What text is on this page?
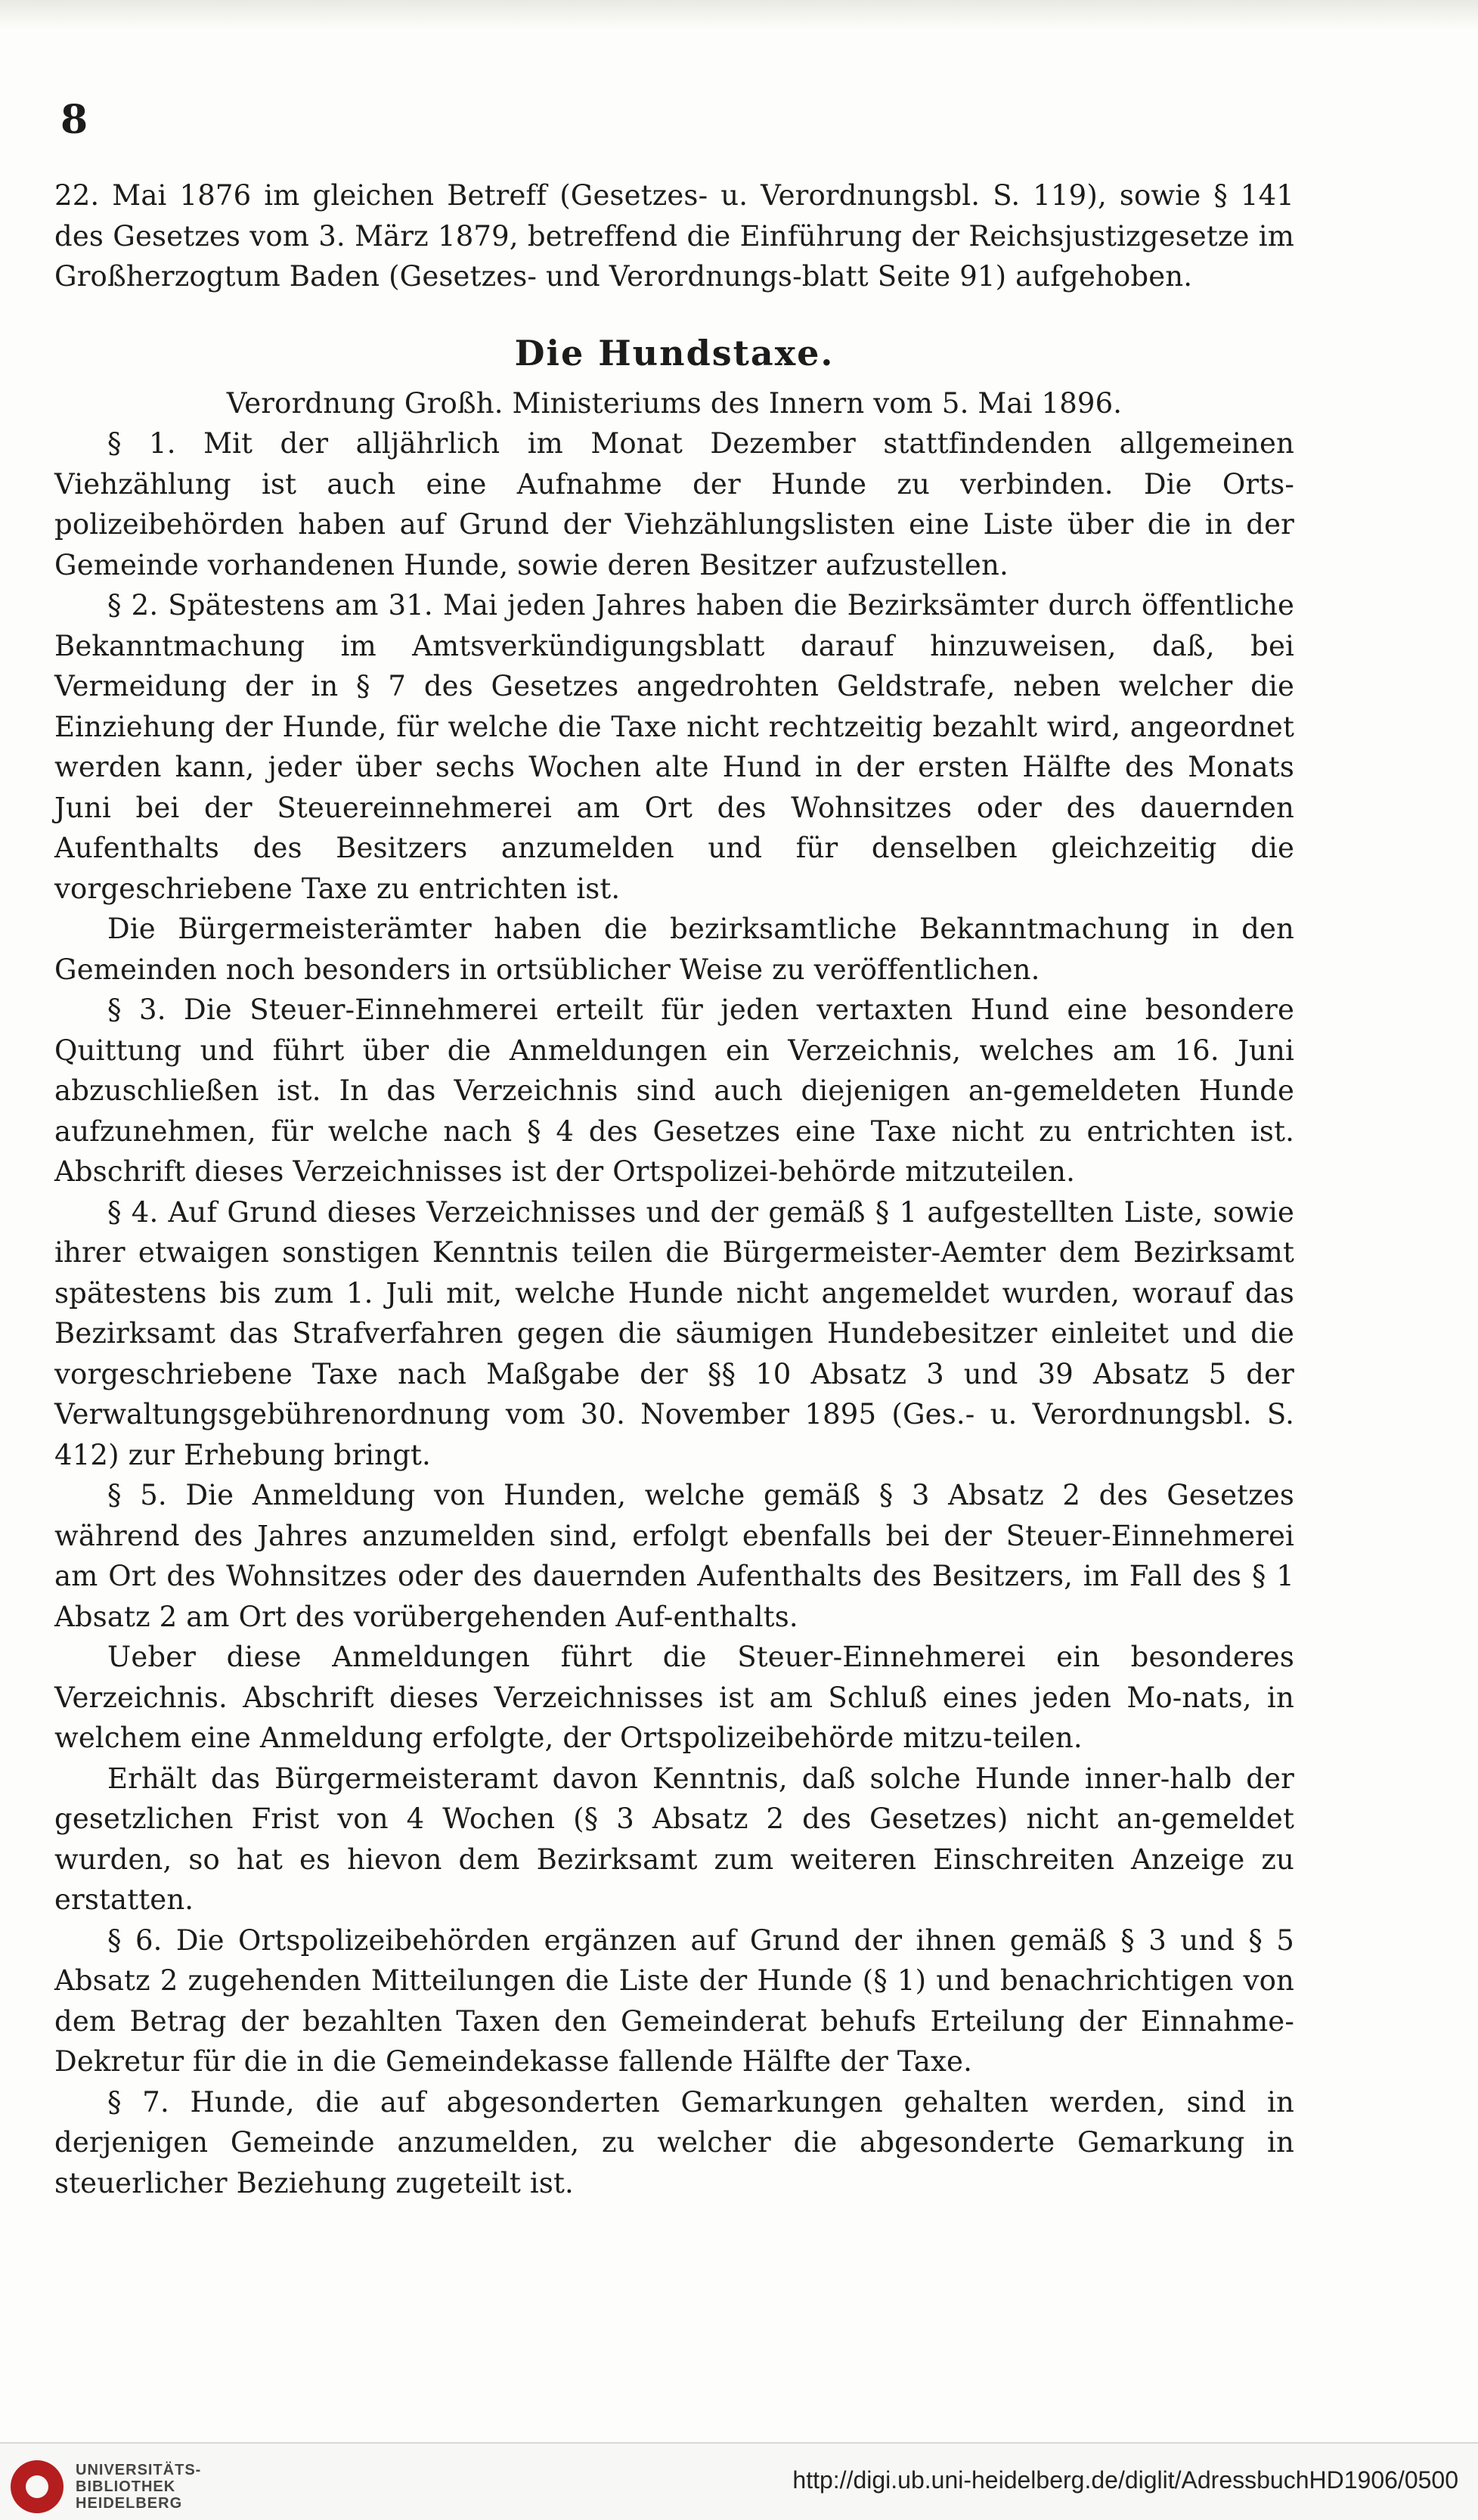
8

22. Mai 1876 im gleichen Betreff (Gesetzes- u. Verordnungsbl. S. 119), sowie § 141 des Gesetzes vom 3. März 1879, betreffend die Einführung der Reichsjustizgesetze im Großherzogtum Baden (Gesetzes- und Verordnungs-blatt Seite 91) aufgehoben.

Die Hundstaxe.

Verordnung Großh. Ministeriums des Innern vom 5. Mai 1896.

§ 1. Mit der alljährlich im Monat Dezember stattfindenden allgemeinen Viehzählung ist auch eine Aufnahme der Hunde zu verbinden. Die Orts-polizeibehörden haben auf Grund der Viehzählungslisten eine Liste über die in der Gemeinde vorhandenen Hunde, sowie deren Besitzer aufzustellen.

§ 2. Spätestens am 31. Mai jeden Jahres haben die Bezirksämter durch öffentliche Bekanntmachung im Amtsverkündigungsblatt darauf hinzuweisen, daß, bei Vermeidung der in § 7 des Gesetzes angedrohten Geldstrafe, neben welcher die Einziehung der Hunde, für welche die Taxe nicht rechtzeitig bezahlt wird, angeordnet werden kann, jeder über sechs Wochen alte Hund in der ersten Hälfte des Monats Juni bei der Steuereinnehmerei am Ort des Wohnsitzes oder des dauernden Aufenthalts des Besitzers anzumelden und für denselben gleichzeitig die vorgeschriebene Taxe zu entrichten ist.

Die Bürgermeisterämter haben die bezirksamtliche Bekanntmachung in den Gemeinden noch besonders in ortsüblicher Weise zu veröffentlichen.

§ 3. Die Steuer-Einnehmerei erteilt für jeden vertaxten Hund eine besondere Quittung und führt über die Anmeldungen ein Verzeichnis, welches am 16. Juni abzuschließen ist. In das Verzeichnis sind auch diejenigen an-gemeldeten Hunde aufzunehmen, für welche nach § 4 des Gesetzes eine Taxe nicht zu entrichten ist. Abschrift dieses Verzeichnisses ist der Ortspolizei-behörde mitzuteilen.

§ 4. Auf Grund dieses Verzeichnisses und der gemäß § 1 aufgestellten Liste, sowie ihrer etwaigen sonstigen Kenntnis teilen die Bürgermeister-Aemter dem Bezirksamt spätestens bis zum 1. Juli mit, welche Hunde nicht angemeldet wurden, worauf das Bezirksamt das Strafverfahren gegen die säumigen Hundebesitzer einleitet und die vorgeschriebene Taxe nach Maßgabe der §§ 10 Absatz 3 und 39 Absatz 5 der Verwaltungsgebührenordnung vom 30. November 1895 (Ges.- u. Verordnungsbl. S. 412) zur Erhebung bringt.

§ 5. Die Anmeldung von Hunden, welche gemäß § 3 Absatz 2 des Gesetzes während des Jahres anzumelden sind, erfolgt ebenfalls bei der Steuer-Einnehmerei am Ort des Wohnsitzes oder des dauernden Aufenthalts des Besitzers, im Fall des § 1 Absatz 2 am Ort des vorübergehenden Auf-enthalts.

Ueber diese Anmeldungen führt die Steuer-Einnehmerei ein besonderes Verzeichnis. Abschrift dieses Verzeichnisses ist am Schluß eines jeden Mo-nats, in welchem eine Anmeldung erfolgte, der Ortspolizeibehörde mitzu-teilen.

Erhält das Bürgermeisteramt davon Kenntnis, daß solche Hunde inner-halb der gesetzlichen Frist von 4 Wochen (§ 3 Absatz 2 des Gesetzes) nicht an-gemeldet wurden, so hat es hievon dem Bezirksamt zum weiteren Einschreiten Anzeige zu erstatten.

§ 6. Die Ortspolizeibehörden ergänzen auf Grund der ihnen gemäß § 3 und § 5 Absatz 2 zugehenden Mitteilungen die Liste der Hunde (§ 1) und benachrichtigen von dem Betrag der bezahlten Taxen den Gemeinderat behufs Erteilung der Einnahme-Dekretur für die in die Gemeindekasse fallende Hälfte der Taxe.

§ 7. Hunde, die auf abgesonderten Gemarkungen gehalten werden, sind in derjenigen Gemeinde anzumelden, zu welcher die abgesonderte Gemarkung in steuerlicher Beziehung zugeteilt ist.

UNIVERSITÄTS-
BIBLIOTHEK
HEIDELBERG
http://digi.ub.uni-heidelberg.de/diglit/AdressbuchHD1906/0500
